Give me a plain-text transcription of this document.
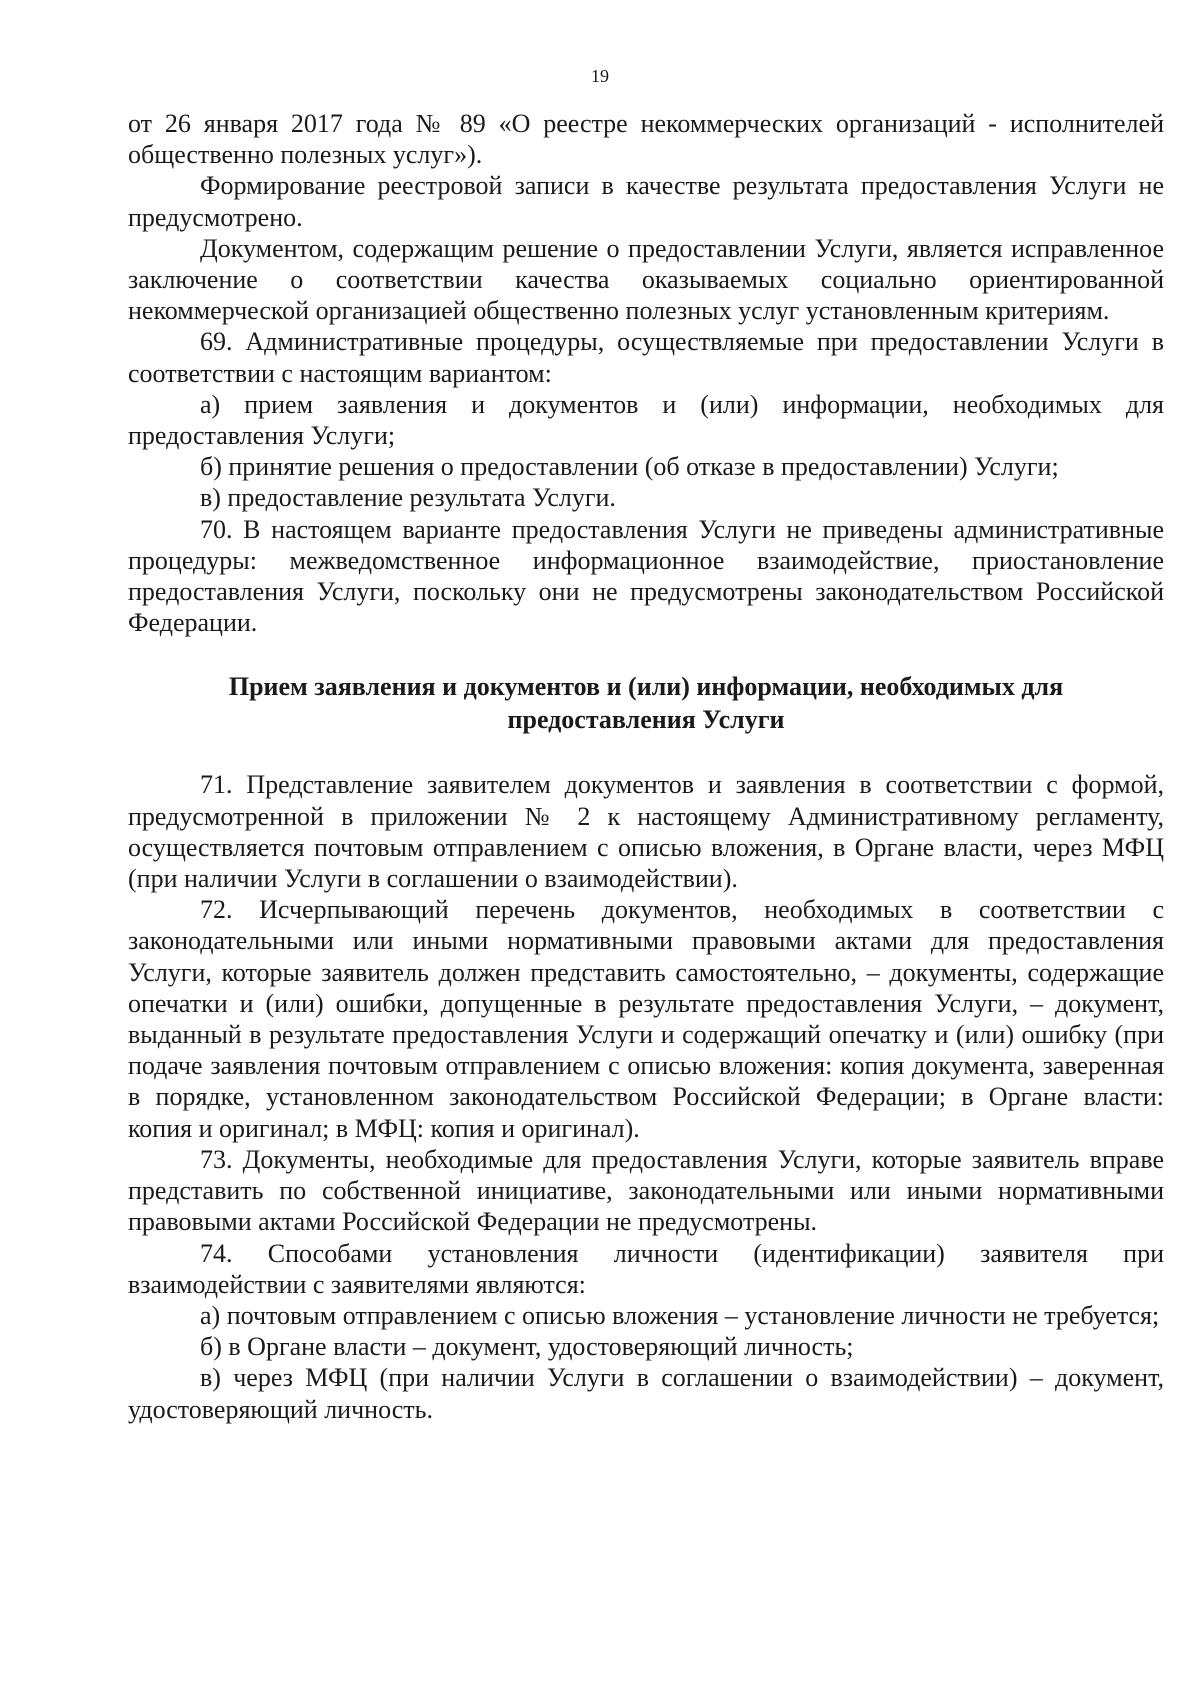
19

от 26 января 2017 года № 89 «О реестре некоммерческих организаций - исполнителей общественно полезных услуг»).

Формирование реестровой записи в качестве результата предоставления Услуги не предусмотрено.

Документом, содержащим решение о предоставлении Услуги, является исправленное заключение о соответствии качества оказываемых социально ориентированной некоммерческой организацией общественно полезных услуг установленным критериям.

69. Административные процедуры, осуществляемые при предоставлении Услуги в соответствии с настоящим вариантом:

а) прием заявления и документов и (или) информации, необходимых для предоставления Услуги;

б) принятие решения о предоставлении (об отказе в предоставлении) Услуги;

в) предоставление результата Услуги.

70. В настоящем варианте предоставления Услуги не приведены административные процедуры: межведомственное информационное взаимодействие, приостановление предоставления Услуги, поскольку они не предусмотрены законодательством Российской Федерации.

Прием заявления и документов и (или) информации, необходимых для предоставления Услуги

71. Представление заявителем документов и заявления в соответствии с формой, предусмотренной в приложении № 2 к настоящему Административному регламенту, осуществляется почтовым отправлением с описью вложения, в Органе власти, через МФЦ (при наличии Услуги в соглашении о взаимодействии).

72. Исчерпывающий перечень документов, необходимых в соответствии с законодательными или иными нормативными правовыми актами для предоставления Услуги, которые заявитель должен представить самостоятельно, – документы, содержащие опечатки и (или) ошибки, допущенные в результате предоставления Услуги, – документ, выданный в результате предоставления Услуги и содержащий опечатку и (или) ошибку (при подаче заявления почтовым отправлением с описью вложения: копия документа, заверенная в порядке, установленном законодательством Российской Федерации; в Органе власти: копия и оригинал; в МФЦ: копия и оригинал).

73. Документы, необходимые для предоставления Услуги, которые заявитель вправе представить по собственной инициативе, законодательными или иными нормативными правовыми актами Российской Федерации не предусмотрены.

74. Способами установления личности (идентификации) заявителя при взаимодействии с заявителями являются:

а) почтовым отправлением с описью вложения – установление личности не требуется;

б) в Органе власти – документ, удостоверяющий личность;

в) через МФЦ (при наличии Услуги в соглашении о взаимодействии) – документ, удостоверяющий личность.
